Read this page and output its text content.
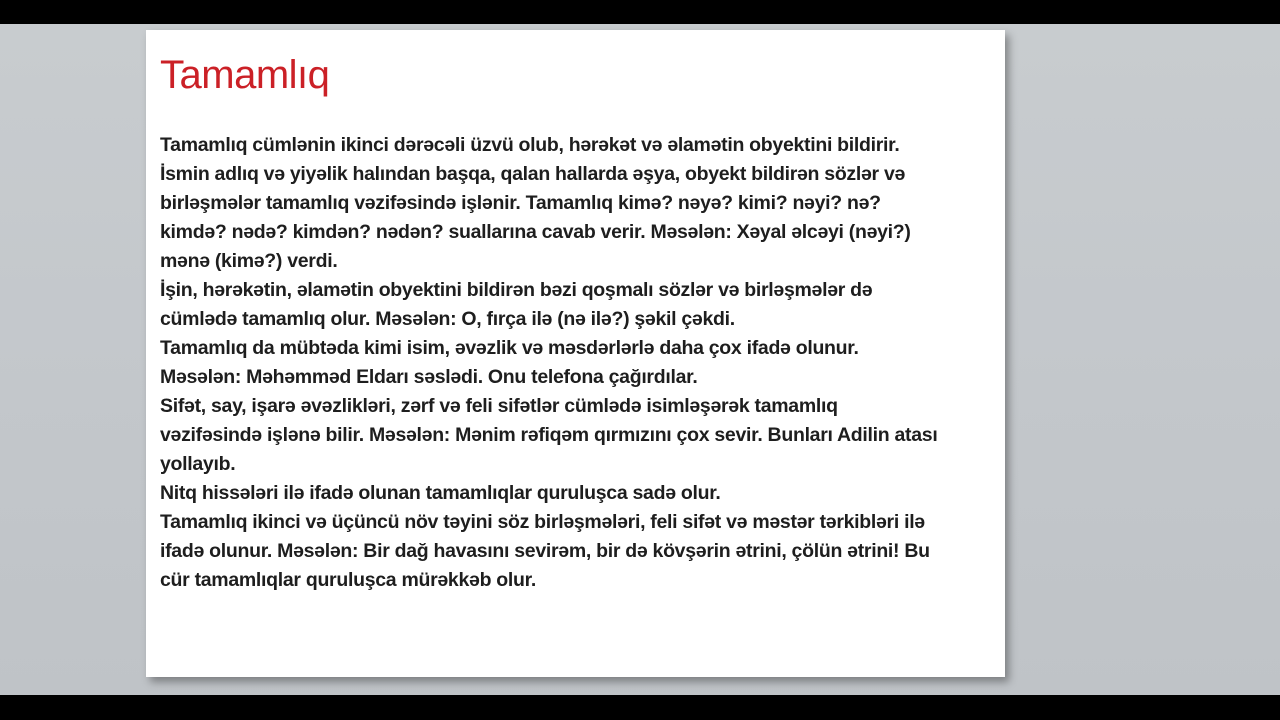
Tamamlıq
Tamamlıq cümlənin ikinci dərəcəli üzvü olub, hərəkət və əlamətin obyektini bildirir.
İsmin adlıq və yiyəlik halından başqa, qalan hallarda əşya, obyekt bildirən sözlər və
birləşmələr tamamlıq vəzifəsində işlənir. Tamamlıq kimə? nəyə? kimi? nəyi? nə?
kimdə? nədə? kimdən? nədən? suallarına cavab verir. Məsələn: Xəyal əlcəyi (nəyi?)
mənə (kimə?) verdi.
İşin, hərəkətin, əlamətin obyektini bildirən bəzi qoşmalı sözlər və birləşmələr də
cümlədə tamamlıq olur. Məsələn: O, fırça ilə (nə ilə?) şəkil çəkdi.
Tamamlıq da mübtəda kimi isim, əvəzlik və məsdərlərlə daha çox ifadə olunur.
Məsələn: Məhəmməd Eldarı səslədi. Onu telefona çağırdılar.
Sifət, say, işarə əvəzlikləri, zərf və feli sifətlər cümlədə isimləşərək tamamlıq
vəzifəsində işlənə bilir. Məsələn: Mənim rəfiqəm qırmızını çox sevir. Bunları Adilin atası
yollayıb.
Nitq hissələri ilə ifadə olunan tamamlıqlar quruluşca sadə olur.
Tamamlıq ikinci və üçüncü növ təyini söz birləşmələri, feli sifət və məstər tərkibləri ilə
ifadə olunur. Məsələn: Bir dağ havasını sevirəm, bir də kövşərin ətrini, çölün ətrini! Bu
cür tamamlıqlar quruluşca mürəkkəb olur.
